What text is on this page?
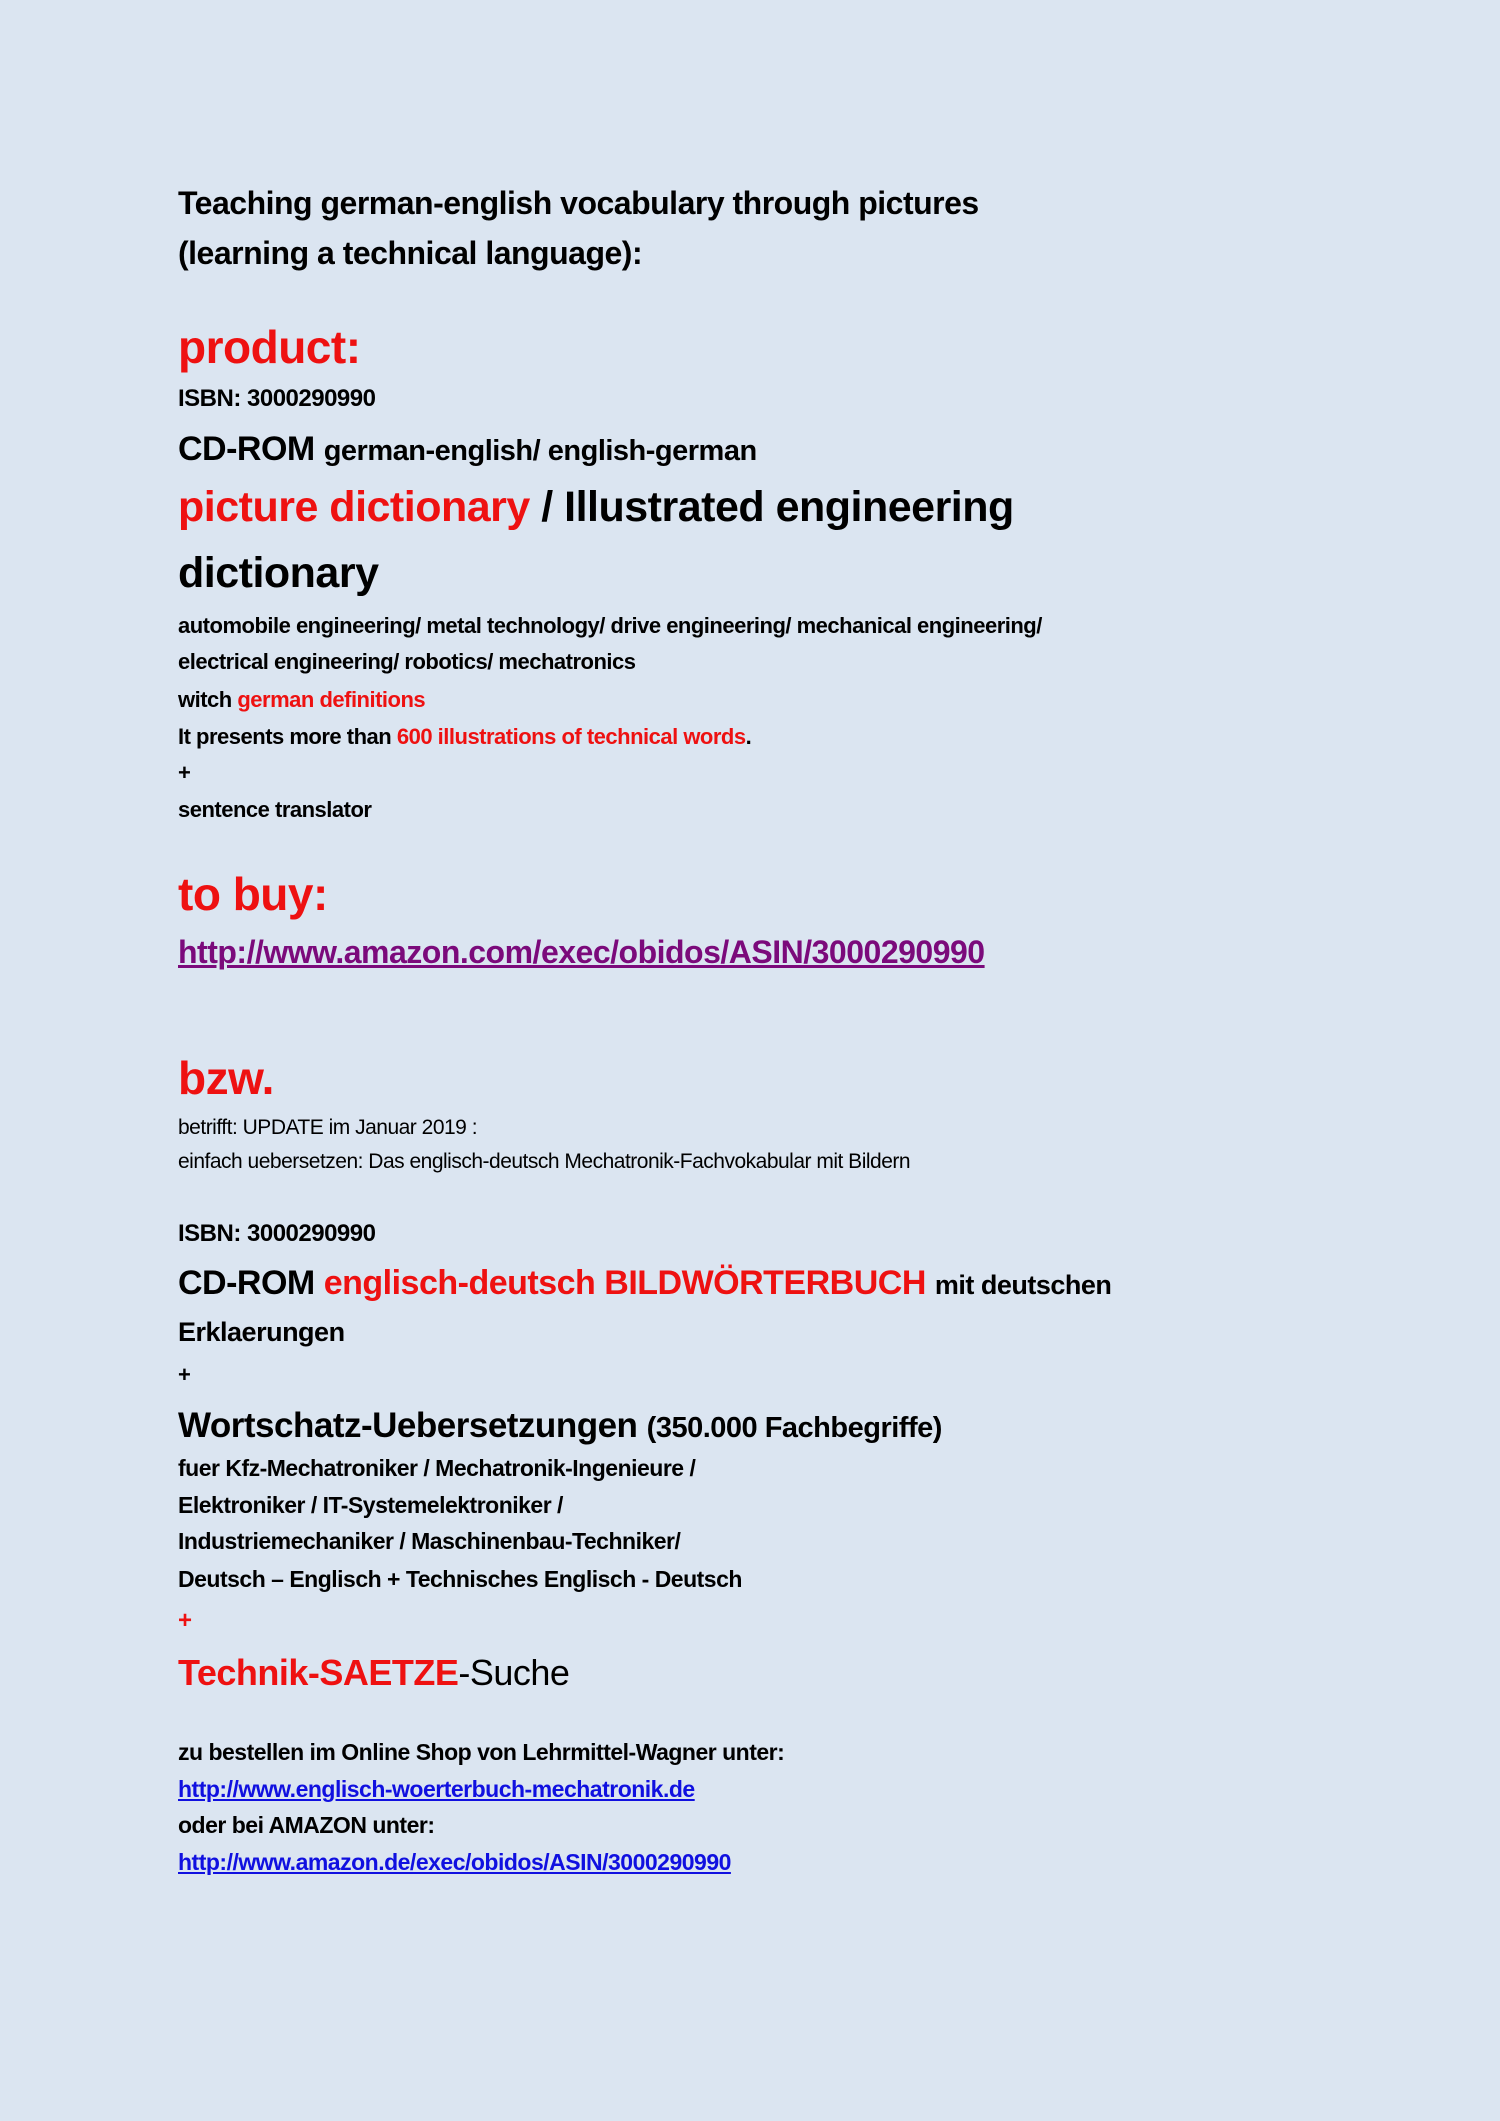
Teaching german-english vocabulary through pictures
(learning a technical language):
product:
ISBN: 3000290990
CD-ROM german-english/ english-german
picture dictionary / Illustrated engineering
dictionary
automobile engineering/ metal technology/ drive engineering/ mechanical engineering/
electrical engineering/ robotics/ mechatronics
witch german definitions
It presents more than 600 illustrations of technical words.
+
sentence translator
to buy:
http://www.amazon.com/exec/obidos/ASIN/3000290990
bzw.
betrifft: UPDATE im Januar 2019 :
einfach uebersetzen: Das englisch-deutsch Mechatronik-Fachvokabular mit Bildern
ISBN: 3000290990
CD-ROM englisch-deutsch BILDWÖRTERBUCH mit deutschen
Erklaerungen
+
Wortschatz-Uebersetzungen (350.000 Fachbegriffe)
fuer Kfz-Mechatroniker / Mechatronik-Ingenieure /
Elektroniker / IT-Systemelektroniker /
Industriemechaniker / Maschinenbau-Techniker/
Deutsch – Englisch + Technisches Englisch - Deutsch
+
Technik-SAETZE-Suche
zu bestellen im Online Shop von Lehrmittel-Wagner unter:
http://www.englisch-woerterbuch-mechatronik.de
oder bei AMAZON unter:
http://www.amazon.de/exec/obidos/ASIN/3000290990
